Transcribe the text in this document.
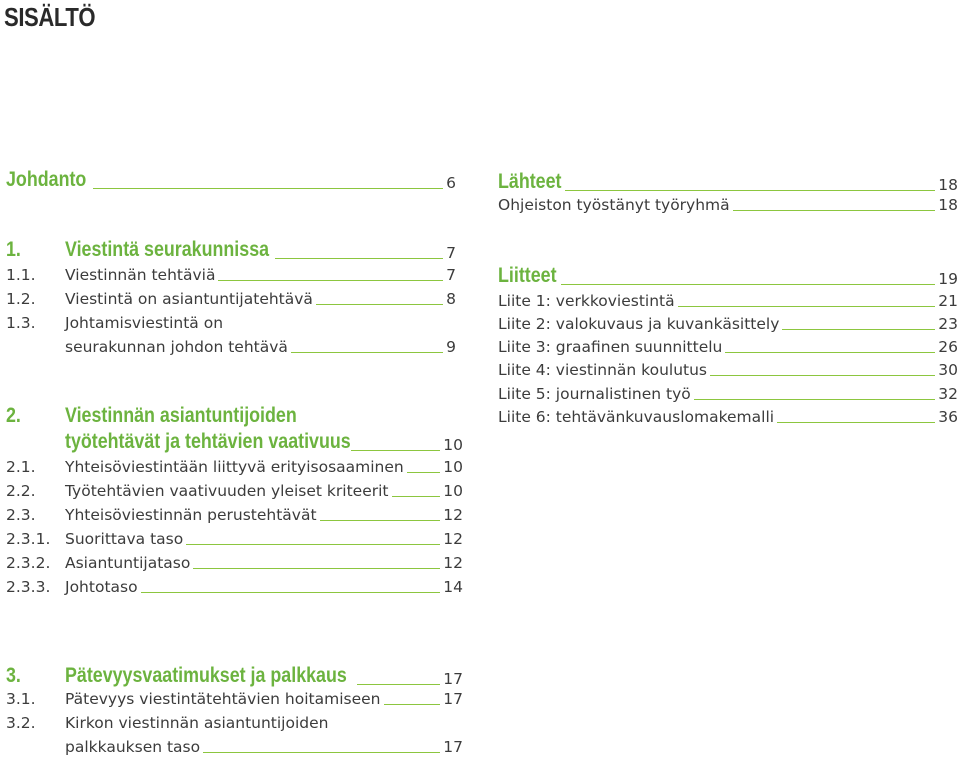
SISÄLTÖ
Johdanto	6
1.	Viestintä seurakunnissa	7
1.1.	Viestinnän tehtäviä	7
1.2.	Viestintä on asiantuntijatehtävä	8
1.3.	Johtamisviestintä on
seurakunnan johdon tehtävä	9
2. Viestinnän asiantuntijoiden
työtehtävät ja tehtävien vaativuus	10
2.1.	Yhteisöviestintään liittyvä erityisosaaminen	10
2.2.	Työtehtävien vaativuuden yleiset kriteerit	10
2.3.	Yhteisöviestinnän perustehtävät	12
2.3.1. Suorittava taso	12
2.3.2. Asiantuntijataso	12
2.3.3. Johtotaso	14
3.	Pätevyysvaatimukset ja palkkaus	17
3.1.	Pätevyys viestintätehtävien hoitamiseen	17
3.2.	Kirkon viestinnän asiantuntijoiden
palkkauksen taso	17
Lähteet	18
Ohjeiston työstänyt työryhmä	18
Liitteet	19
Liite 1: verkkoviestintä	21
Liite 2: valokuvaus ja kuvankäsittely	23
Liite 3: graafinen suunnittelu	26
Liite 4: viestinnän koulutus	30
Liite 5: journalistinen työ	32
Liite 6: tehtävänkuvauslomakemalli	36
